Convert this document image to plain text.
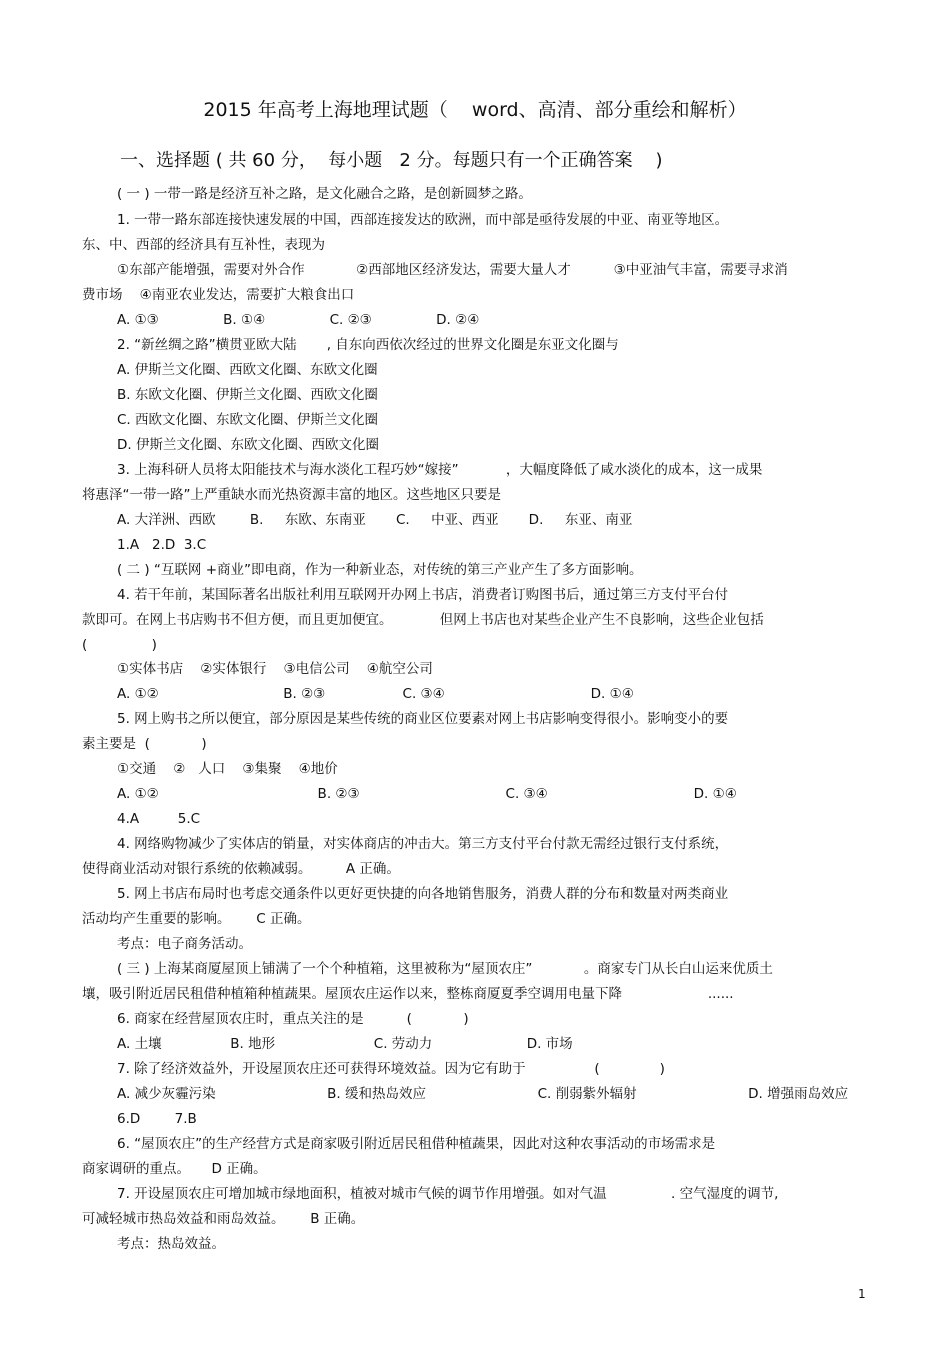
2015 年高考上海地理试题（    word、高清、部分重绘和解析）
一、选择题 ( 共 60 分，  每小题   2 分。每题只有一个正确答案    )
( 一 ) 一带一路是经济互补之路，是文化融合之路，是创新圆梦之路。
1. 一带一路东部连接快速发展的中国，西部连接发达的欧洲，而中部是亟待发展的中亚、南亚等地区。
东、中、西部的经济具有互补性，表现为
①东部产能增强，需要对外合作            ②西部地区经济发达，需要大量人才          ③中亚油气丰富，需要寻求消
费市场    ④南亚农业发达，需要扩大粮食出口
A. ①③               B. ①④               C. ②③               D. ②④
2. “新丝绸之路”横贯亚欧大陆       , 自东向西依次经过的世界文化圈是东亚文化圈与
A. 伊斯兰文化圈、西欧文化圈、东欧文化圈
B. 东欧文化圈、伊斯兰文化圈、西欧文化圈
C. 西欧文化圈、东欧文化圈、伊斯兰文化圈
D. 伊斯兰文化圈、东欧文化圈、西欧文化圈
3. 上海科研人员将太阳能技术与海水淡化工程巧妙“嫁接”           ，大幅度降低了咸水淡化的成本，这一成果
将惠泽“一带一路”上严重缺水而光热资源丰富的地区。这些地区只要是
A. 大洋洲、西欧        B.     东欧、东南亚       C.     中亚、西亚       D.     东亚、南亚
1.A   2.D  3.C
( 二 ) “互联网 +商业”即电商，作为一种新业态，对传统的第三产业产生了多方面影响。
4. 若干年前，某国际著名出版社利用互联网开办网上书店，消费者订购图书后，通过第三方支付平台付
款即可。在网上书店购书不但方便，而且更加便宜。           但网上书店也对某些企业产生不良影响，这些企业包括
(               )
①实体书店    ②实体银行    ③电信公司    ④航空公司
A. ①②                             B. ②③                  C. ③④                                  D. ①④
5. 网上购书之所以便宜，部分原因是某些传统的商业区位要素对网上书店影响变得很小。影响变小的要
素主要是  (            )
①交通    ②   人口    ③集聚    ④地价
A. ①②                                     B. ②③                                  C. ③④                                  D. ①④
4.A         5.C
4. 网络购物减少了实体店的销量，对实体商店的冲击大。第三方支付平台付款无需经过银行支付系统，
使得商业活动对银行系统的依赖减弱。        A 正确。
5. 网上书店布局时也考虑交通条件以更好更快捷的向各地销售服务，消费人群的分布和数量对两类商业
活动均产生重要的影响。      C 正确。
考点：电子商务活动。
( 三 ) 上海某商厦屋顶上铺满了一个个种植箱，这里被称为“屋顶农庄”            。商家专门从长白山运来优质土
壤，吸引附近居民租借种植箱种植蔬果。屋顶农庄运作以来，整栋商厦夏季空调用电量下降                    ......
6. 商家在经营屋顶农庄时，重点关注的是          (            )
A. 土壤                B. 地形                       C. 劳动力                      D. 市场
7. 除了经济效益外，开设屋顶农庄还可获得环境效益。因为它有助于                (              )
A. 减少灰霾污染                          B. 缓和热岛效应                          C. 削弱紫外辐射                          D. 增强雨岛效应
6.D        7.B
6. “屋顶农庄”的生产经营方式是商家吸引附近居民租借种植蔬果，因此对这种农事活动的市场需求是
商家调研的重点。     D 正确。
7. 开设屋顶农庄可增加城市绿地面积，植被对城市气候的调节作用增强。如对气温               . 空气湿度的调节,
可减轻城市热岛效益和雨岛效益。      B 正确。
考点：热岛效益。
1
